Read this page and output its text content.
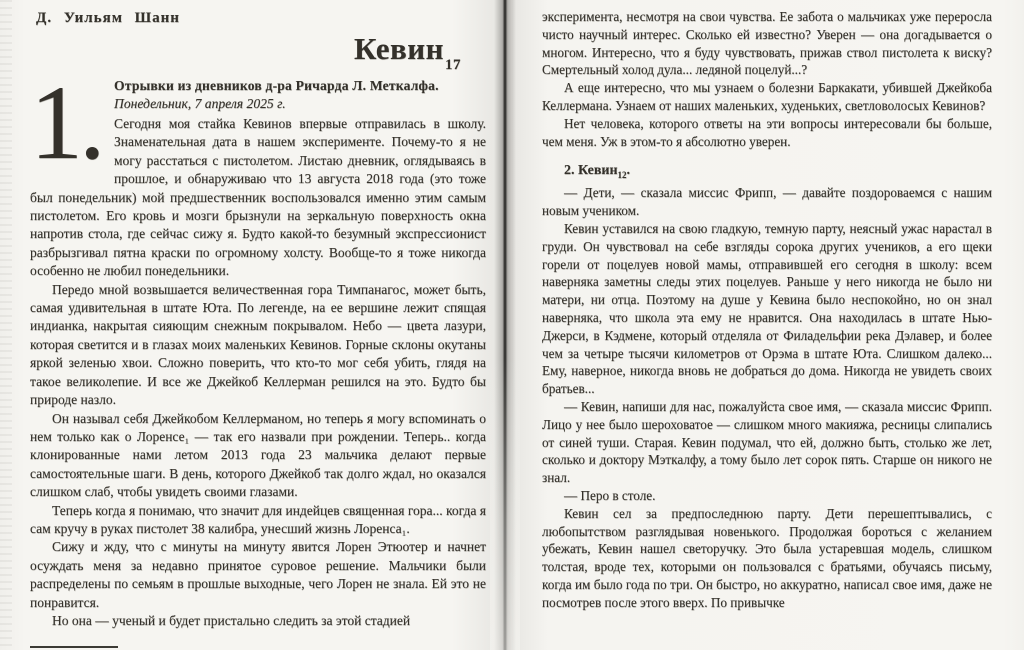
Д. Уильям Шанн
Кевин$_{17}$
1. Отрывки из дневников д-ра Ричарда Л. Меткалфа.
Понедельник, 7 апреля 2025 г.

Сегодня моя стайка Кевинов впервые отправилась в школу. Знаменательная дата в нашем эксперименте. Почему-то я не могу расстаться с пистолетом. Листаю дневник, оглядываясь в прошлое, и обнаруживаю что 13 августа 2018 года (это тоже был понедельник) мой предшественник воспользовался именно этим самым пистолетом. Его кровь и мозги брызнули на зеркальную поверхность окна напротив стола, где сейчас сижу я. Будто какой-то безумный экспрессионист разбрызгивал пятна краски по огромному холсту. Вообще-то я тоже никогда особенно не любил понедельники.

Передо мной возвышается величественная гора Тимпанагос, может быть, самая удивительная в штате Юта. По легенде, на ее вершине лежит спящая индианка, накрытая сияющим снежным покрывалом. Небо — цвета лазури, которая светится и в глазах моих маленьких Кевинов. Горные склоны окутаны яркой зеленью хвои. Сложно поверить, что кто-то мог себя убить, глядя на такое великолепие. И все же Джейкоб Келлерман решился на это. Будто бы природе назло.

Он называл себя Джейкобом Келлерманом, но теперь я могу вспоминать о нем только как о Лоренсе₁ — так его назвали при рождении. Теперь.. когда клонированные нами летом 2013 года 23 мальчика делают первые самостоятельные шаги. В день, которого Джейкоб так долго ждал, но оказался слишком слаб, чтобы увидеть своими глазами.

Теперь когда я понимаю, что значит для индейцев священная гора... когда я сам кручу в руках пистолет 38 калибра, унесший жизнь Лоренса₁.

Сижу и жду, что с минуты на минуту явится Лорен Этюотер и начнет осуждать меня за недавно принятое суровое решение. Мальчики были распределены по семьям в прошлые выходные, чего Лорен не знала. Ей это не понравится.

Но она — ученый и будет пристально следить за этой стадией

эксперимента, несмотря на свои чувства. Ее забота о мальчиках уже переросла чисто научный интерес. Сколько ей известно? Уверен — она догадывается о многом. Интересно, что я буду чувствовать, прижав ствол пистолета к виску? Смертельный холод дула... ледяной поцелуй...?

А еще интересно, что мы узнаем о болезни Баркакати, убившей Джейкоба Келлермана. Узнаем от наших маленьких, худеньких, светловолосых Кевинов?

Нет человека, которого ответы на эти вопросы интересовали бы больше, чем меня. Уж в этом-то я абсолютно уверен.

2. Кевин$_{12}$.

— Дети, — сказала миссис Фрипп, — давайте поздороваемся с нашим новым учеником.

Кевин уставился на свою гладкую, темную парту, неясный ужас нарастал в груди. Он чувствовал на себе взгляды сорока других учеников, а его щеки горели от поцелуев новой мамы, отправившей его сегодня в школу: всем наверняка заметны следы этих поцелуев. Раньше у него никогда не было ни матери, ни отца. Поэтому на душе у Кевина было неспокойно, но он знал наверняка, что школа эта ему не нравится. Она находилась в штате Нью-Джерси, в Кэдмене, который отделяла от Филадельфии река Дэлавер, и более чем за четыре тысячи километров от Орэма в штате Юта. Слишком далеко... Ему, наверное, никогда вновь не добраться до дома. Никогда не увидеть своих братьев...

— Кевин, напиши для нас, пожалуйста свое имя, — сказала миссис Фрипп. Лицо у нее было шероховатое — слишком много макияжа, ресницы слипались от синей туши. Старая. Кевин подумал, что ей, должно быть, столько же лет, сколько и доктору Мэткалфу, а тому было лет сорок пять. Старше он никого не знал.

— Перо в столе.

Кевин сел за предпоследнюю парту. Дети перешептывались, с любопытством разглядывая новенького. Продолжая бороться с желанием убежать, Кевин нашел светоручку. Это была устаревшая модель, слишком толстая, вроде тех, которыми он пользовался с братьями, обучаясь письму, когда им было года по три. Он быстро, но аккуратно, написал свое имя, даже не посмотрев после этого вверх. По привычке
